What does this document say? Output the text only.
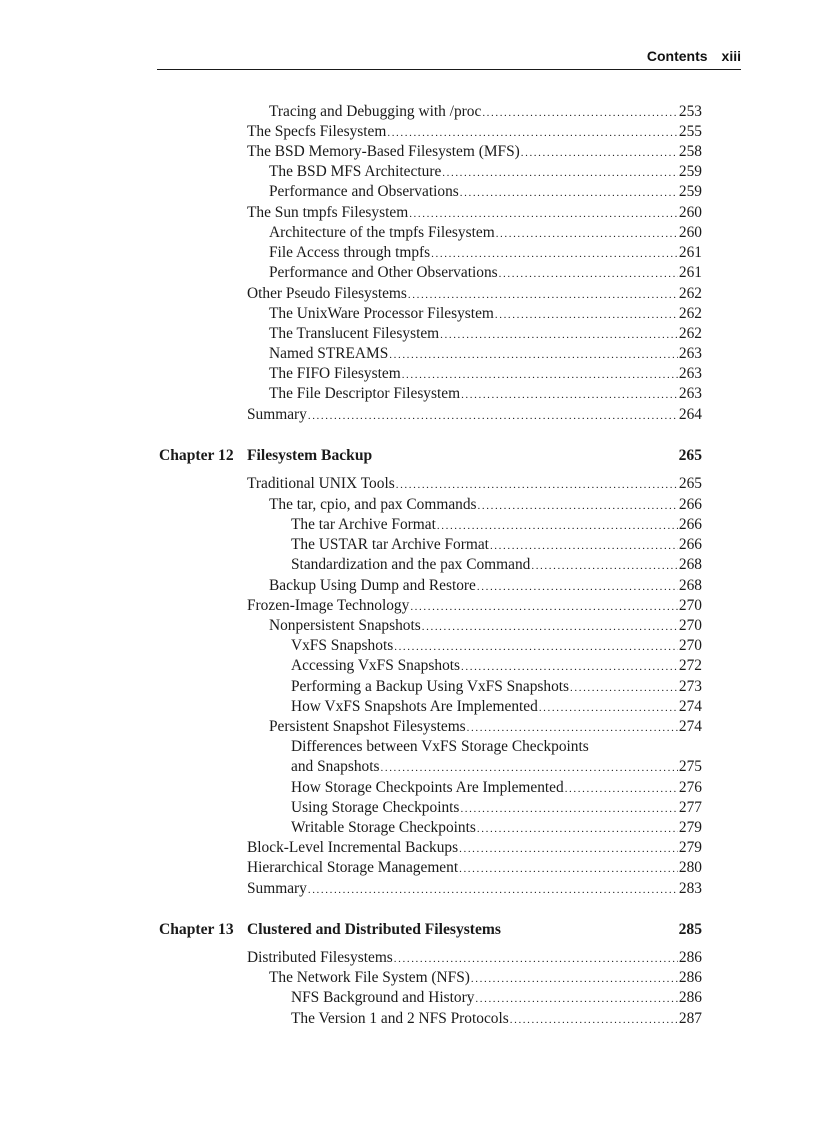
Contents xiii
Tracing and Debugging with /proc .....	253
The Specfs Filesystem .....	255
The BSD Memory-Based Filesystem (MFS) .....	258
The BSD MFS Architecture .....	259
Performance and Observations .....	259
The Sun tmpfs Filesystem .....	260
Architecture of the tmpfs Filesystem .....	260
File Access through tmpfs .....	261
Performance and Other Observations .....	261
Other Pseudo Filesystems .....	262
The UnixWare Processor Filesystem .....	262
The Translucent Filesystem .....	262
Named STREAMS .....	263
The FIFO Filesystem .....	263
The File Descriptor Filesystem .....	263
Summary .....	264
Chapter 12 Filesystem Backup	265
Traditional UNIX Tools .....	265
The tar, cpio, and pax Commands .....	266
The tar Archive Format .....	266
The USTAR tar Archive Format .....	266
Standardization and the pax Command .....	268
Backup Using Dump and Restore .....	268
Frozen-Image Technology .....	270
Nonpersistent Snapshots .....	270
VxFS Snapshots .....	270
Accessing VxFS Snapshots .....	272
Performing a Backup Using VxFS Snapshots .....	273
How VxFS Snapshots Are Implemented .....	274
Persistent Snapshot Filesystems .....	274
Differences between VxFS Storage Checkpoints
and Snapshots .....	275
How Storage Checkpoints Are Implemented .....	276
Using Storage Checkpoints .....	277
Writable Storage Checkpoints .....	279
Block-Level Incremental Backups .....	279
Hierarchical Storage Management .....	280
Summary .....	283
Chapter 13 Clustered and Distributed Filesystems	285
Distributed Filesystems .....	286
The Network File System (NFS) .....	286
NFS Background and History .....	286
The Version 1 and 2 NFS Protocols .....	287
